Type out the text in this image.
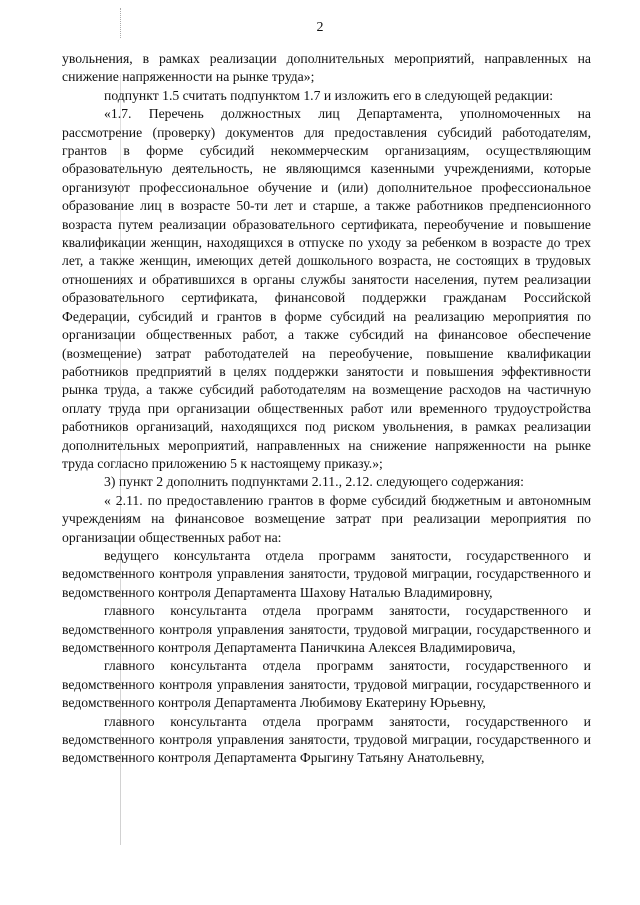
2

увольнения, в рамках реализации дополнительных мероприятий, направленных на снижение напряженности на рынке труда»;

подпункт 1.5 считать подпунктом 1.7 и изложить его в следующей редакции:

«1.7. Перечень должностных лиц Департамента, уполномоченных на рассмотрение (проверку) документов для предоставления субсидий работодателям, грантов в форме субсидий некоммерческим организациям, осуществляющим образовательную деятельность, не являющимся казенными учреждениями, которые организуют профессиональное обучение и (или) дополнительное профессиональное образование лиц в возрасте 50-ти лет и старше, а также работников предпенсионного возраста путем реализации образовательного сертификата, переобучение и повышение квалификации женщин, находящихся в отпуске по уходу за ребенком в возрасте до трех лет, а также женщин, имеющих детей дошкольного возраста, не состоящих в трудовых отношениях и обратившихся в органы службы занятости населения, путем реализации образовательного сертификата, финансовой поддержки гражданам Российской Федерации, субсидий и грантов в форме субсидий на реализацию мероприятия по организации общественных работ, а также субсидий на финансовое обеспечение (возмещение) затрат работодателей на переобучение, повышение квалификации работников предприятий в целях поддержки занятости и повышения эффективности рынка труда, а также субсидий работодателям на возмещение расходов на частичную оплату труда при организации общественных работ или временного трудоустройства работников организаций, находящихся под риском увольнения, в рамках реализации дополнительных мероприятий, направленных на снижение напряженности на рынке труда согласно приложению 5 к настоящему приказу.»;

3) пункт 2 дополнить подпунктами 2.11., 2.12. следующего содержания:

« 2.11. по предоставлению грантов в форме субсидий бюджетным и автономным учреждениям на финансовое возмещение затрат при реализации мероприятия по организации общественных работ на:

ведущего консультанта отдела программ занятости, государственного и ведомственного контроля управления занятости, трудовой миграции, государственного и ведомственного контроля Департамента Шахову Наталью Владимировну,

главного консультанта отдела программ занятости, государственного и ведомственного контроля управления занятости, трудовой миграции, государственного и ведомственного контроля Департамента Паничкина Алексея Владимировича,

главного консультанта отдела программ занятости, государственного и ведомственного контроля управления занятости, трудовой миграции, государственного и ведомственного контроля Департамента Любимову Екатерину Юрьевну,

главного консультанта отдела программ занятости, государственного и ведомственного контроля управления занятости, трудовой миграции, государственного и ведомственного контроля Департамента Фрыгину Татьяну Анатольевну,
